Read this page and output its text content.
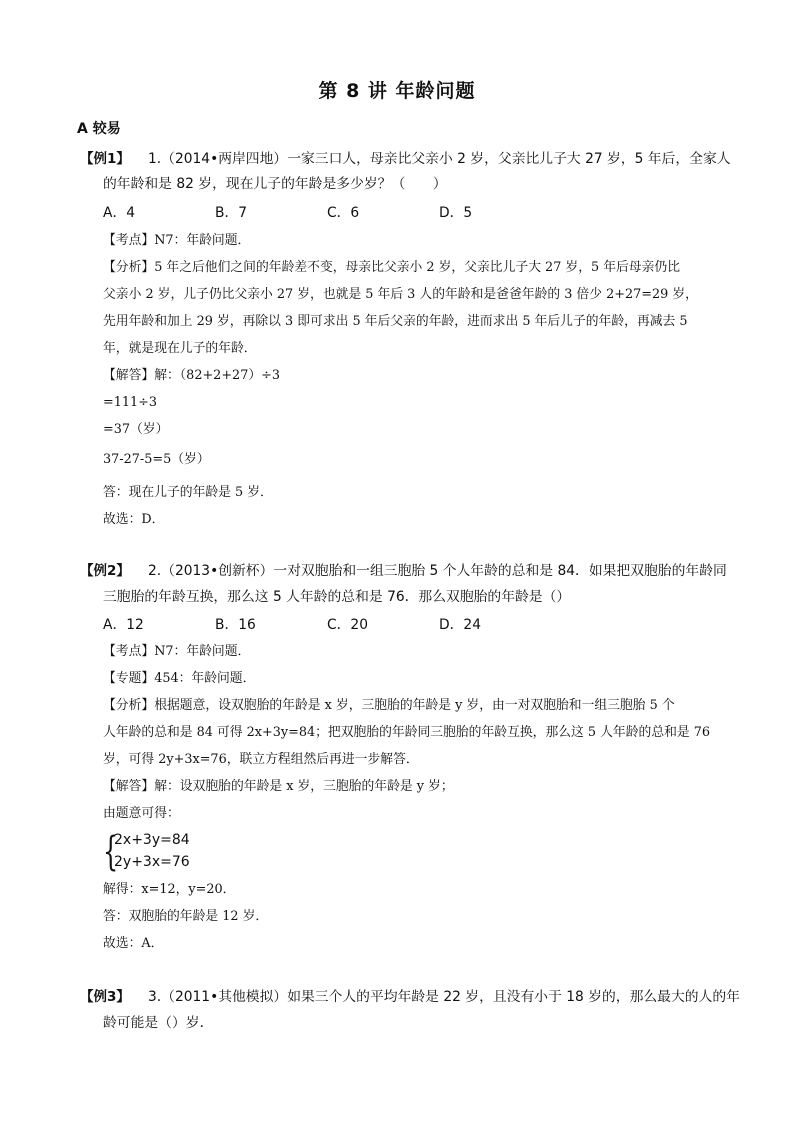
第 8 讲 年龄问题
A 较易
【例1】 1.（2014•两岸四地）一家三口人，母亲比父亲小 2 岁，父亲比儿子大 27 岁，5 年后，全家人
的年龄和是 82 岁，现在儿子的年龄是多少岁？（　　）
A．4	B．7	C．6	D．5
【考点】N7：年龄问题．
【分析】5 年之后他们之间的年龄差不变，母亲比父亲小 2 岁，父亲比儿子大 27 岁，5 年后母亲仍比
父亲小 2 岁，儿子仍比父亲小 27 岁，也就是 5 年后 3 人的年龄和是爸爸年龄的 3 倍少 2+27=29 岁，
先用年龄和加上 29 岁，再除以 3 即可求出 5 年后父亲的年龄，进而求出 5 年后儿子的年龄，再减去 5
年，就是现在儿子的年龄．
【解答】解：（82+2+27）÷3
=111÷3
=37（岁）
37-27-5=5（岁）
答：现在儿子的年龄是 5 岁．
故选：D．
【例2】 2.（2013•创新杯）一对双胞胎和一组三胞胎 5 个人年龄的总和是 84．如果把双胞胎的年龄同
三胞胎的年龄互换，那么这 5 人年龄的总和是 76．那么双胞胎的年龄是（）
A．12	B．16	C．20	D．24
【考点】N7：年龄问题．
【专题】454：年龄问题．
【分析】根据题意，设双胞胎的年龄是 x 岁，三胞胎的年龄是 y 岁，由一对双胞胎和一组三胞胎 5 个
人年龄的总和是 84 可得 2x+3y=84；把双胞胎的年龄同三胞胎的年龄互换，那么这 5 人年龄的总和是 76
岁，可得 2y+3x=76，联立方程组然后再进一步解答．
【解答】解：设双胞胎的年龄是 x 岁，三胞胎的年龄是 y 岁；
由题意可得：
{
2x+3y=84
2y+3x=76
解得：x=12，y=20．
答：双胞胎的年龄是 12 岁．
故选：A．
【例3】 3.（2011•其他模拟）如果三个人的平均年龄是 22 岁，且没有小于 18 岁的，那么最大的人的年
龄可能是（）岁．
